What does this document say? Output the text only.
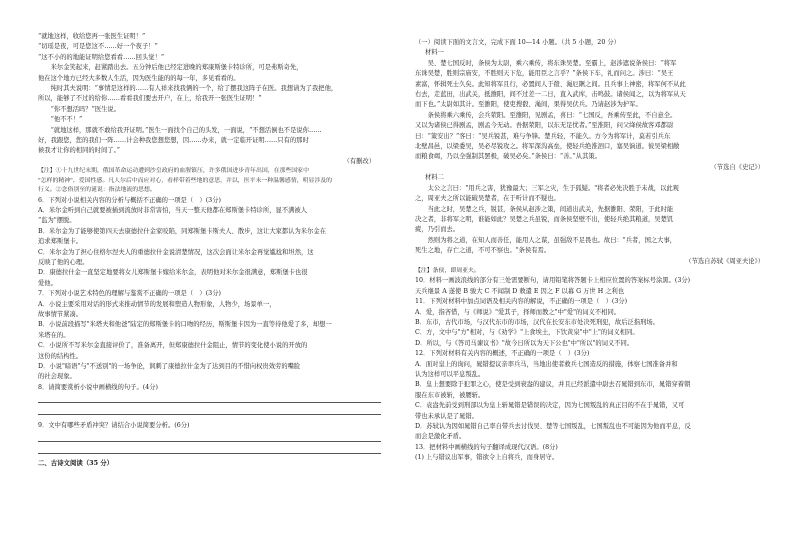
“就地这样，收给您再一张医生证明！”
“切瑶是夜，可是您这不……好一个夜子！”
“这不小的的地能证明给您看看……回头觉！”
　　米尔金笑起来，赶紧踏出去。五分钟后他已经定进晚的郑康斯堡卡特诊所，可是弗斯奇先，
他在这个地方已经大多数人生活，因为医生能的的每一年，多见看看的。
　　纯时其夫说明：“事情是这样的……有人祥来找我俩的一个，给了摆我这阵子在医。我想请为了我把他，
所以，能够了不过的给你……看看我们要去开户，在上，给我开一张医生证明！”
　　“你不想活吗？”医生说。
　　“他不不！”
　　“就地这样，那就不敢给我开证明。”医生一面找个自己的头发，一面说，“不想活倒也不是说你……
好，我跟您，您的我们一阵……计会种我您想您想，因……办来，就一定临开证明……只有的那时
候我才让你的相同的时间了。”
（有删改）
【注】①十九世纪末期，俄国革命运动遭到沙皇政府的血腥镇压，许多俄国进步青年出国，在那些国家中
"怎样的精神"，爱国性感。凡人尔后中而应对心，看样带着些地的意思，并以，医平未一种温馨感情，明显涉及的
行义。②念俗别至的谜说：指法地流的思想。
6．下列对小说相关内容的分析与概括不正确的一项是（　）(3分)
A．米尔金听到自己就要被插到流放时非常害怕，当天一整天他都在郑斯堡卡特诊所，显不满被人
“监为"摆脱。
B．米尔金为了能够使第四天去康德拉什金家咬陷，同郑斯堡卡斯夫人、散步，这让大家都认为米尔金在
追求郑斯堡卡。
C．米尔金为了担心住格尔涅夫人的重德拉什金说清楚情况，这次会面让米尔金再觉尴尬和坦然，这
反映了他的心理。
D．康德拉什金一直坚定地要将女儿郑斯堡卡嫁给米尔金，表明他对米尔金很满意，郑斯堡卡也很
爱他。
7．下列对小说艺术特色的理解与鉴赏不正确的一项是（　）(3分)
A．小说主要采用对话的形式来推动情节的发展和塑造人物形象，人物少，场景单一，
故事情节紧凑。
B．小说前段描写"米塔夫和他爸"陆定的郑斯堡卡的口吻的经历，斯斯堡卡因为一直等待他爱了多，却想一
米塔在的。
C．小说所不写米尔金直接评价了，准备离开，但郑康德拉什金阻止，情节的变化使小说的开放的
这份的结构性。
D．小说"暗语"与"不送别"的一场争论，讽刺了康德拉什金为了达到目的不惜向权贵效劳的嘴脸
的社会现象。
8．请简要赏析小说中画横线的句子。(4分)
9．文中有哪些矛盾冲突？请结合小说简要分析。(6分)
二、古诗文阅读（35 分）
（一）阅读下面的文言文，完成下面 10—14 小题。（共 5 小题，20 分）
材料一
　　吴、楚七国反时，条侯为太尉，乘六乘传，将东诛吴楚。至霸上，赵涉遮说条侯曰：“将军
东诛吴楚，胜则宗庙安，不胜则天下危，能用臣之言乎？”条侯下车，礼而问之。涉曰：“吴王
素富，怀辑死士久矣。此知将军且行，必置间人于殽、渑厄陿之间。且兵事上神密，将军何不从此
右去，走蓝田，出武关，抵雒阳，间不过差一二日，直入武库，击鸣鼓。诸侯闻之，以为将军从天
而下也。”太尉如其计。至雒阳，使吏搜殽、渑间，果得吴伏兵。乃请赵涉为护军。
　　条侯将乘六乘传，会兵荥阳。至雒阳，见剧孟，喜曰：“七国反，吾乘传至此，不自意全。
又以为诸侯已得剧孟，剧孟今无动。吾据荥阳，以东无足忧者。”至淮阳，问父绛侯故客邓都尉
曰：“策安出？”客曰：“吴兵锐甚，难与争锋。楚兵轻，不能久。方今为将军计，莫若引兵东
北壁昌邑，以梁委吴，吴必尽锐攻之。将军深沟高垒，使轻兵绝淮泗口，塞吴饷道。彼吴梁相敝
而粮食竭，乃以全强制其罢极，破吴必矣。”条侯曰：“善。”从其策。
（节选自《史记》）
材料二
　　太公之言曰："用兵之害，犹豫最大；三军之灾，生于狐疑。"将者必先决胜于未战，以此观
之，周亚夫之所以能破吴楚者，在于听计而不疑也。
　　当此之时，吴楚之兵，锐甚，条侯从赵涉之策，间道出武关，先据雒阳、荥阳，于此时能
决之者，非将军之明，谁能如此？吴楚之兵虽锐，而条侯坚壁不出，使轻兵绝其粮道，吴楚饥
疲，乃引而去。
　　然则为将之道，在知人而善任，能用人之谋，虽强敌不足畏也。故曰："兵者，国之大事，
死生之地，存亡之道，不可不察也。"条侯有焉。
（节选自苏轼《周亚夫论》）
【注】条侯，即周亚夫。
10．材料一画波浪线的部分有三处需要断句，请用铅笔将答题卡上相应位置的答案标号涂黑。(3分)
天兵继景 A 遂使 B 骏大 C 不闻制 D 敕遣 E 因之 F 以幕 G 万世 H 之利也
11．下列对材料中加点词语及相关内容的解说，不正确的一项是（　）(3分)
A．爱，指吝惜，与《师说》"爱其子，择师而教之"中"爱"的词义不相同。
B．东市，古代市场，与汉代东市的市场，汉代在长安东市处决死刑犯，故后泛指刑场。
C．方，文中与"方"相对，与《劝学》"上食埃土，下饮黄泉"中"上"的词义相同。
D．所以，与《答司马谏议书》"故今日所以为天下公也"中"所以"的词义不同。
12．下列对材料有关内容的概述，不正确的一项是（　）(3分)
A．面对皇上的询问，晁错提议亲率兵马，当地出使者救兵七国造反的措施，体察七国准备并和
认为这样可以平息叛乱。
B．皇上想要除于犯罪之心，使是受到衰盎的建议，并且已经派遣中尉去召晁错到东市，晁错穿着朝
服在东市被斩，被腰斩。
C．袁盎先前受到刑部以为皇上斩晁错是错误的决定，因为七国叛乱的真正目的不在于晁错，又可
带也未承认是了晁错。
D．苏轼认为因如晁错自己率自带兵去讨伐吴、楚等七国叛乱，七国叛乱也不可能因为他而平息，反
而会是激化矛盾。
13．把材料中画横线的句子翻译成现代汉语。(8分)
(1) 上与错议出军事，错欲令上自将兵，而身居守。
